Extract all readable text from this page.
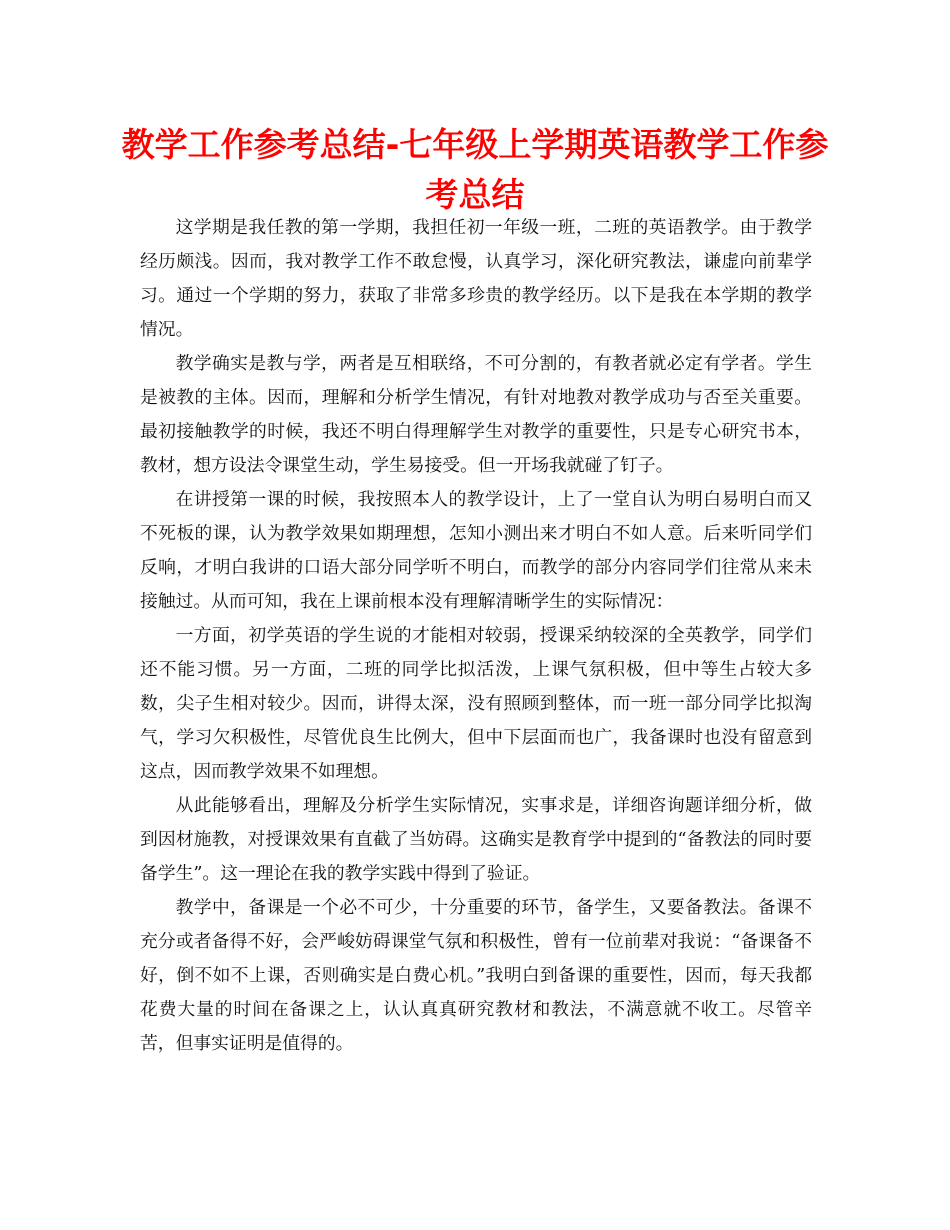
教学工作参考总结-七年级上学期英语教学工作参考总结

这学期是我任教的第一学期，我担任初一年级一班，二班的英语教学。由于教学经历颇浅。因而，我对教学工作不敢怠慢，认真学习，深化研究教法，谦虚向前辈学习。通过一个学期的努力，获取了非常多珍贵的教学经历。以下是我在本学期的教学情况。

教学确实是教与学，两者是互相联络，不可分割的，有教者就必定有学者。学生是被教的主体。因而，理解和分析学生情况，有针对地教对教学成功与否至关重要。最初接触教学的时候，我还不明白得理解学生对教学的重要性，只是专心研究书本，教材，想方设法令课堂生动，学生易接受。但一开场我就碰了钉子。

在讲授第一课的时候，我按照本人的教学设计，上了一堂自认为明白易明白而又不死板的课，认为教学效果如期理想，怎知小测出来才明白不如人意。后来听同学们反响，才明白我讲的口语大部分同学听不明白，而教学的部分内容同学们往常从来未接触过。从而可知，我在上课前根本没有理解清晰学生的实际情况：

一方面，初学英语的学生说的才能相对较弱，授课采纳较深的全英教学，同学们还不能习惯。另一方面，二班的同学比拟活泼，上课气氛积极，但中等生占较大多数，尖子生相对较少。因而，讲得太深，没有照顾到整体，而一班一部分同学比拟淘气，学习欠积极性，尽管优良生比例大，但中下层面而也广，我备课时也没有留意到这点，因而教学效果不如理想。

从此能够看出，理解及分析学生实际情况，实事求是，详细咨询题详细分析，做到因材施教，对授课效果有直截了当妨碍。这确实是教育学中提到的“备教法的同时要备学生”。这一理论在我的教学实践中得到了验证。

教学中，备课是一个必不可少，十分重要的环节，备学生，又要备教法。备课不充分或者备得不好，会严峻妨碍课堂气氛和积极性，曾有一位前辈对我说：“备课备不好，倒不如不上课，否则确实是白费心机。”我明白到备课的重要性，因而，每天我都花费大量的时间在备课之上，认认真真研究教材和教法，不满意就不收工。尽管辛苦，但事实证明是值得的。
